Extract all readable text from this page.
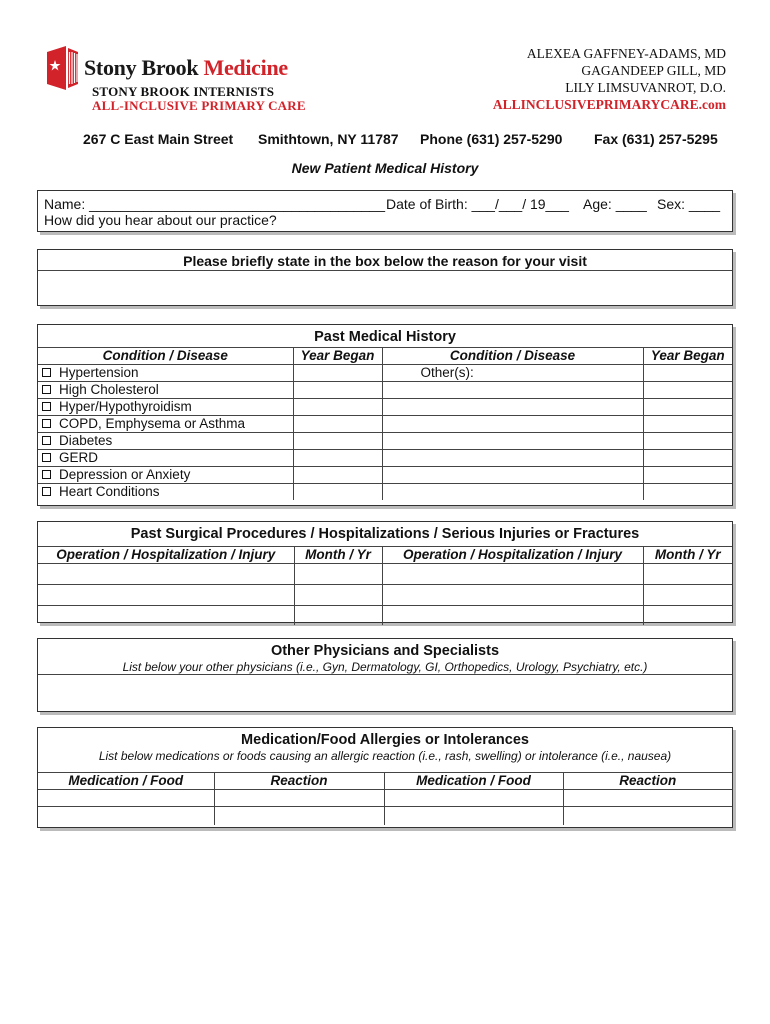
Stony Brook Medicine
STONY BROOK INTERNISTS
ALL-INCLUSIVE PRIMARY CARE
ALEXEA GAFFNEY-ADAMS, MD
GAGANDEEP GILL, MD
LILY LIMSUVANROT, D.O.
ALLINCLUSIVEPRIMARYCARE.com
267 C East Main Street Smithtown, NY 11787 Phone (631) 257-5290 Fax (631) 257-5295
New Patient Medical History
Name: ______________________________________ Date of Birth: ___/___/ 19___ Age: ____ Sex: ____
How did you hear about our practice?
Please briefly state in the box below the reason for your visit
Past Medical History
Condition / Disease	Year Began	Condition / Disease	Year Began
Hypertension		Other(s):	
High Cholesterol			
Hyper/Hypothyroidism			
COPD, Emphysema or Asthma			
Diabetes			
GERD			
Depression or Anxiety			
Heart Conditions			
Past Surgical Procedures / Hospitalizations / Serious Injuries or Fractures
Operation / Hospitalization / Injury	Month / Yr	Operation / Hospitalization / Injury	Month / Yr

Other Physicians and Specialists
List below your other physicians (i.e., Gyn, Dermatology, GI, Orthopedics, Urology, Psychiatry, etc.)
Medication/Food Allergies or Intolerances
List below medications or foods causing an allergic reaction (i.e., rash, swelling) or intolerance (i.e., nausea)
Medication / Food	Reaction	Medication / Food	Reaction
